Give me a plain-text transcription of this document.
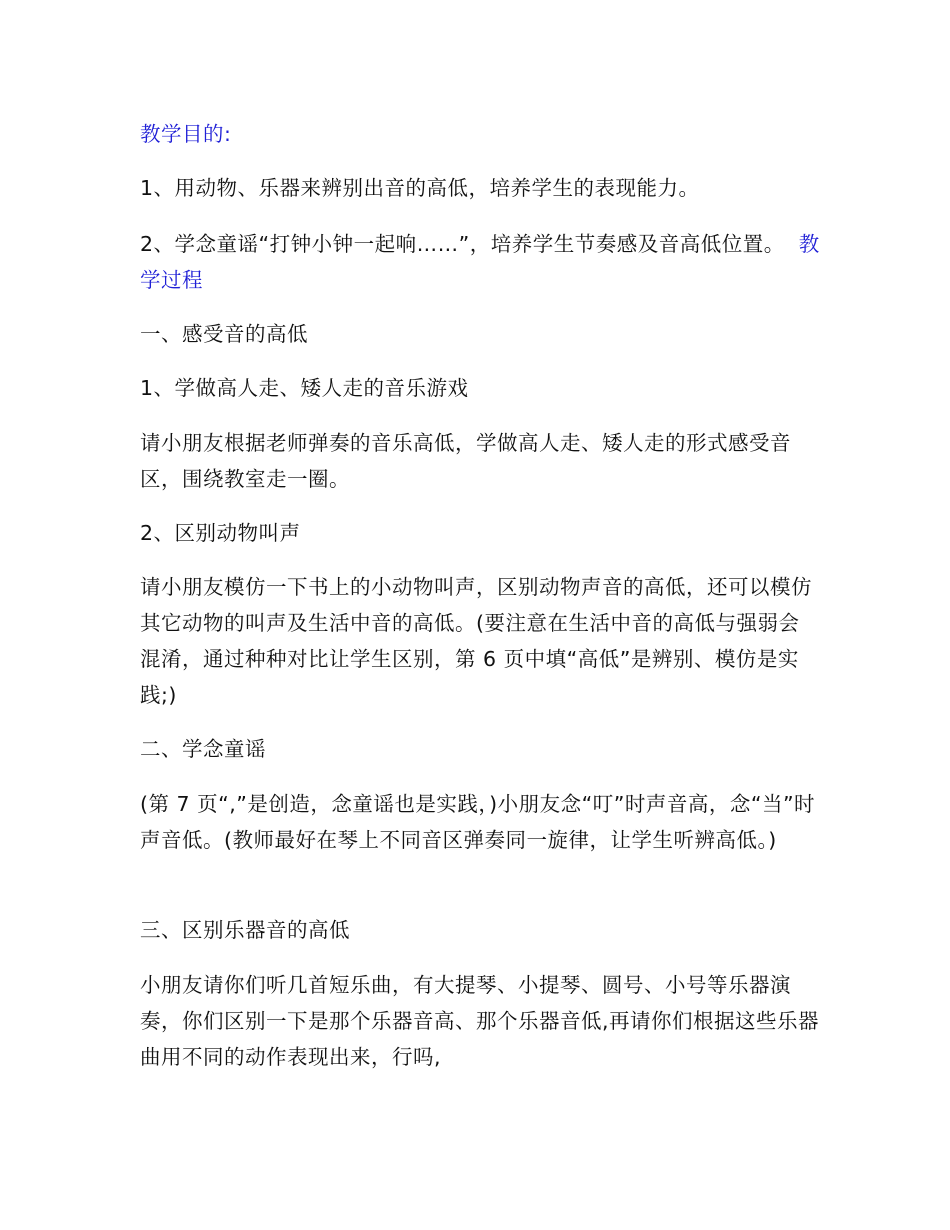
教学目的:

1、用动物、乐器来辨别出音的高低，培养学生的表现能力。

2、学念童谣“打钟小钟一起响……”，培养学生节奏感及音高低位置。 教学过程

一、感受音的高低

1、学做高人走、矮人走的音乐游戏

请小朋友根据老师弹奏的音乐高低，学做高人走、矮人走的形式感受音区，围绕教室走一圈。

2、区别动物叫声

请小朋友模仿一下书上的小动物叫声，区别动物声音的高低，还可以模仿其它动物的叫声及生活中音的高低。(要注意在生活中音的高低与强弱会混淆，通过种种对比让学生区别，第 6 页中填“高低”是辨别、模仿是实践;)

二、学念童谣

(第 7 页“,”是创造，念童谣也是实践，)小朋友念“叮”时声音高，念“当”时声音低。(教师最好在琴上不同音区弹奏同一旋律，让学生听辨高低。)

三、区别乐器音的高低

小朋友请你们听几首短乐曲，有大提琴、小提琴、圆号、小号等乐器演奏，你们区别一下是那个乐器音高、那个乐器音低,再请你们根据这些乐器曲用不同的动作表现出来，行吗,
